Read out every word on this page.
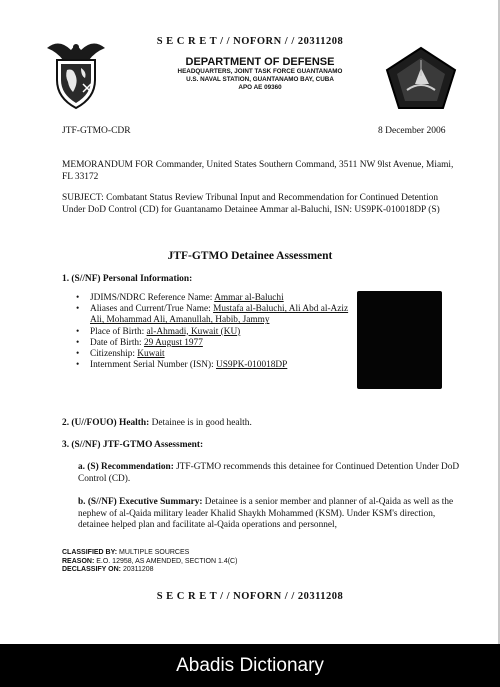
S E C R E T / / NOFORN / / 20311208
DEPARTMENT OF DEFENSE
HEADQUARTERS, JOINT TASK FORCE GUANTANAMO
U.S. NAVAL STATION, GUANTANAMO BAY, CUBA
APO AE 09360
JTF-GTMO-CDR	8 December 2006
MEMORANDUM FOR Commander, United States Southern Command, 3511 NW 9lst Avenue, Miami, FL 33172
SUBJECT: Combatant Status Review Tribunal Input and Recommendation for Continued Detention Under DoD Control (CD) for Guantanamo Detainee Ammar al-Baluchi, ISN: US9PK-010018DP (S)
JTF-GTMO Detainee Assessment
1. (S//NF) Personal Information:
• JDIMS/NDRC Reference Name: Ammar al-Baluchi
• Aliases and Current/True Name: Mustafa al-Baluchi, Ali Abd al-Aziz Ali, Mohammad Ali, Amanullah, Habib, Jammy
• Place of Birth: al-Ahmadi, Kuwait (KU)
• Date of Birth: 29 August 1977
• Citizenship: Kuwait
• Internment Serial Number (ISN): US9PK-010018DP
2. (U//FOUO) Health: Detainee is in good health.
3. (S//NF) JTF-GTMO Assessment:
a. (S) Recommendation: JTF-GTMO recommends this detainee for Continued Detention Under DoD Control (CD).
b. (S//NF) Executive Summary: Detainee is a senior member and planner of al-Qaida as well as the nephew of al-Qaida military leader Khalid Shaykh Mohammed (KSM). Under KSM's direction, detainee helped plan and facilitate al-Qaida operations and personnel,
CLASSIFIED BY: MULTIPLE SOURCES
REASON: E.O. 12958, AS AMENDED, SECTION 1.4(C)
DECLASSIFY ON: 20311208
S E C R E T / / NOFORN / / 20311208
Abadis Dictionary
